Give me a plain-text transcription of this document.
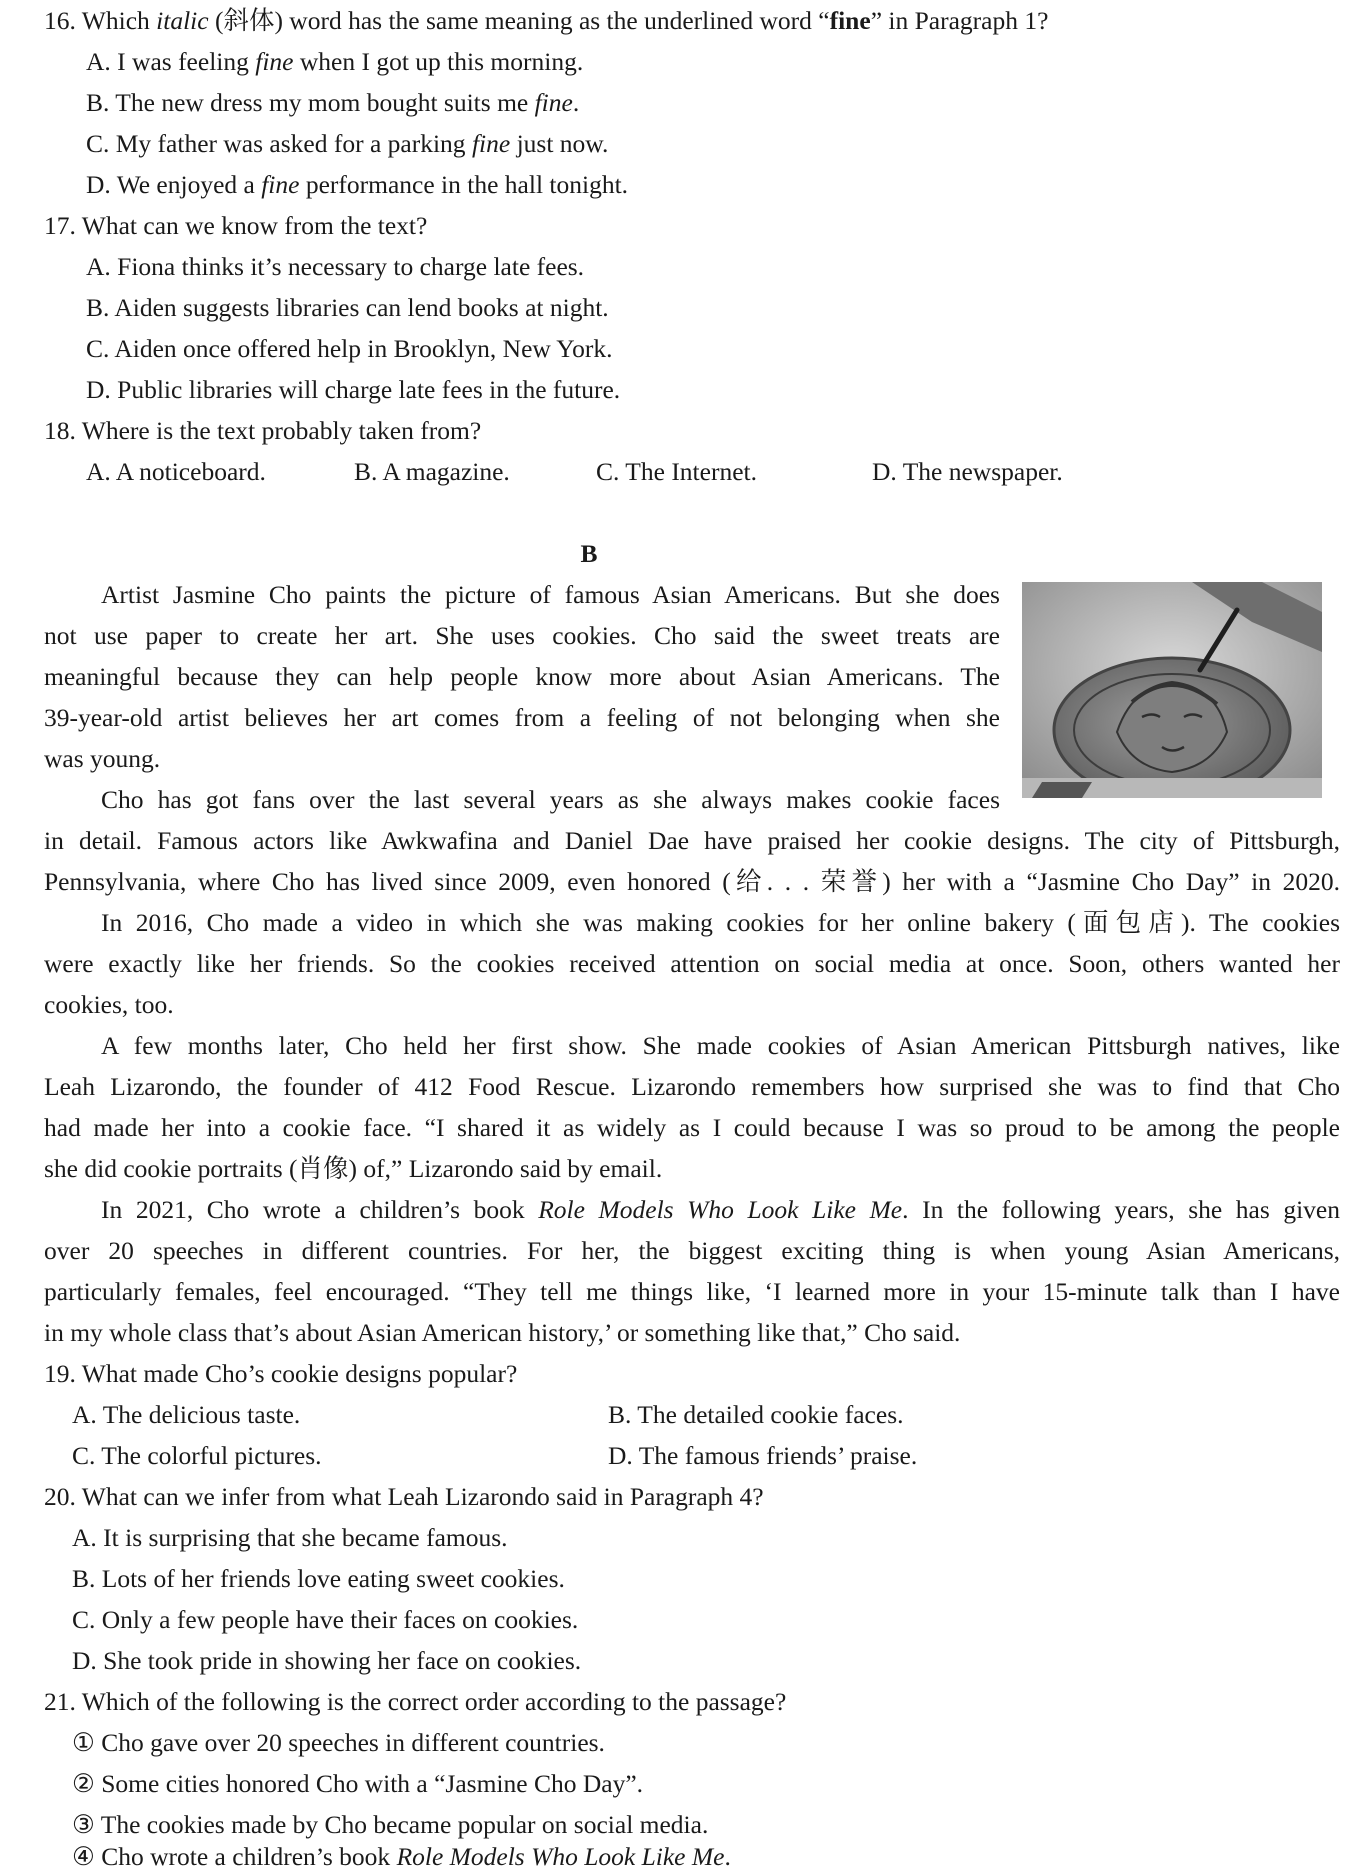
16. Which italic (斜体) word has the same meaning as the underlined word “fine” in Paragraph 1?
A. I was feeling fine when I got up this morning.
B. The new dress my mom bought suits me fine.
C. My father was asked for a parking fine just now.
D. We enjoyed a fine performance in the hall tonight.
17. What can we know from the text?
A. Fiona thinks it’s necessary to charge late fees.
B. Aiden suggests libraries can lend books at night.
C. Aiden once offered help in Brooklyn, New York.
D. Public libraries will charge late fees in the future.
18. Where is the text probably taken from?
A. A noticeboard.	B. A magazine.	C. The Internet.	D. The newspaper.
B
Artist Jasmine Cho paints the picture of famous Asian Americans. But she does
not use paper to create her art. She uses cookies. Cho said the sweet treats are
meaningful because they can help people know more about Asian Americans. The
39-year-old artist believes her art comes from a feeling of not belonging when she
was young.
Cho has got fans over the last several years as she always makes cookie faces
in detail. Famous actors like Awkwafina and Daniel Dae have praised her cookie designs. The city of Pittsburgh,
Pennsylvania, where Cho has lived since 2009, even honored (给. . . 荣誉) her with a “Jasmine Cho Day” in 2020.
In 2016, Cho made a video in which she was making cookies for her online bakery (面包店). The cookies
were exactly like her friends. So the cookies received attention on social media at once. Soon, others wanted her
cookies, too.
A few months later, Cho held her first show. She made cookies of Asian American Pittsburgh natives, like
Leah Lizarondo, the founder of 412 Food Rescue. Lizarondo remembers how surprised she was to find that Cho
had made her into a cookie face. “I shared it as widely as I could because I was so proud to be among the people
she did cookie portraits (肖像) of,” Lizarondo said by email.
In 2021, Cho wrote a children’s book Role Models Who Look Like Me. In the following years, she has given
over 20 speeches in different countries. For her, the biggest exciting thing is when young Asian Americans,
particularly females, feel encouraged. “They tell me things like, ‘I learned more in your 15-minute talk than I have
in my whole class that’s about Asian American history,’ or something like that,” Cho said.
19. What made Cho’s cookie designs popular?
A. The delicious taste.	B. The detailed cookie faces.
C. The colorful pictures.	D. The famous friends’ praise.
20. What can we infer from what Leah Lizarondo said in Paragraph 4?
A. It is surprising that she became famous.
B. Lots of her friends love eating sweet cookies.
C. Only a few people have their faces on cookies.
D. She took pride in showing her face on cookies.
21. Which of the following is the correct order according to the passage?
① Cho gave over 20 speeches in different countries.
② Some cities honored Cho with a “Jasmine Cho Day”.
③ The cookies made by Cho became popular on social media.
④ Cho wrote a children’s book Role Models Who Look Like Me.
